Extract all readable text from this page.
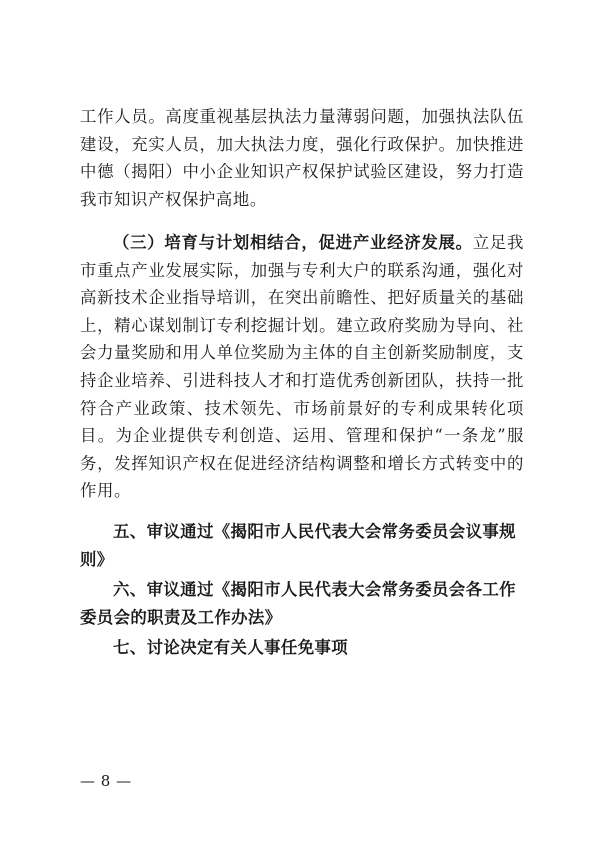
工作人员。高度重视基层执法力量薄弱问题，加强执法队伍建设，充实人员，加大执法力度，强化行政保护。加快推进中德（揭阳）中小企业知识产权保护试验区建设，努力打造我市知识产权保护高地。

（三）培育与计划相结合，促进产业经济发展。立足我市重点产业发展实际，加强与专利大户的联系沟通，强化对高新技术企业指导培训，在突出前瞻性、把好质量关的基础上，精心谋划制订专利挖掘计划。建立政府奖励为导向、社会力量奖励和用人单位奖励为主体的自主创新奖励制度，支持企业培养、引进科技人才和打造优秀创新团队，扶持一批符合产业政策、技术领先、市场前景好的专利成果转化项目。为企业提供专利创造、运用、管理和保护“一条龙”服务，发挥知识产权在促进经济结构调整和增长方式转变中的作用。

五、审议通过《揭阳市人民代表大会常务委员会议事规则》

六、审议通过《揭阳市人民代表大会常务委员会各工作委员会的职责及工作办法》

七、讨论决定有关人事任免事项

— 8 —
